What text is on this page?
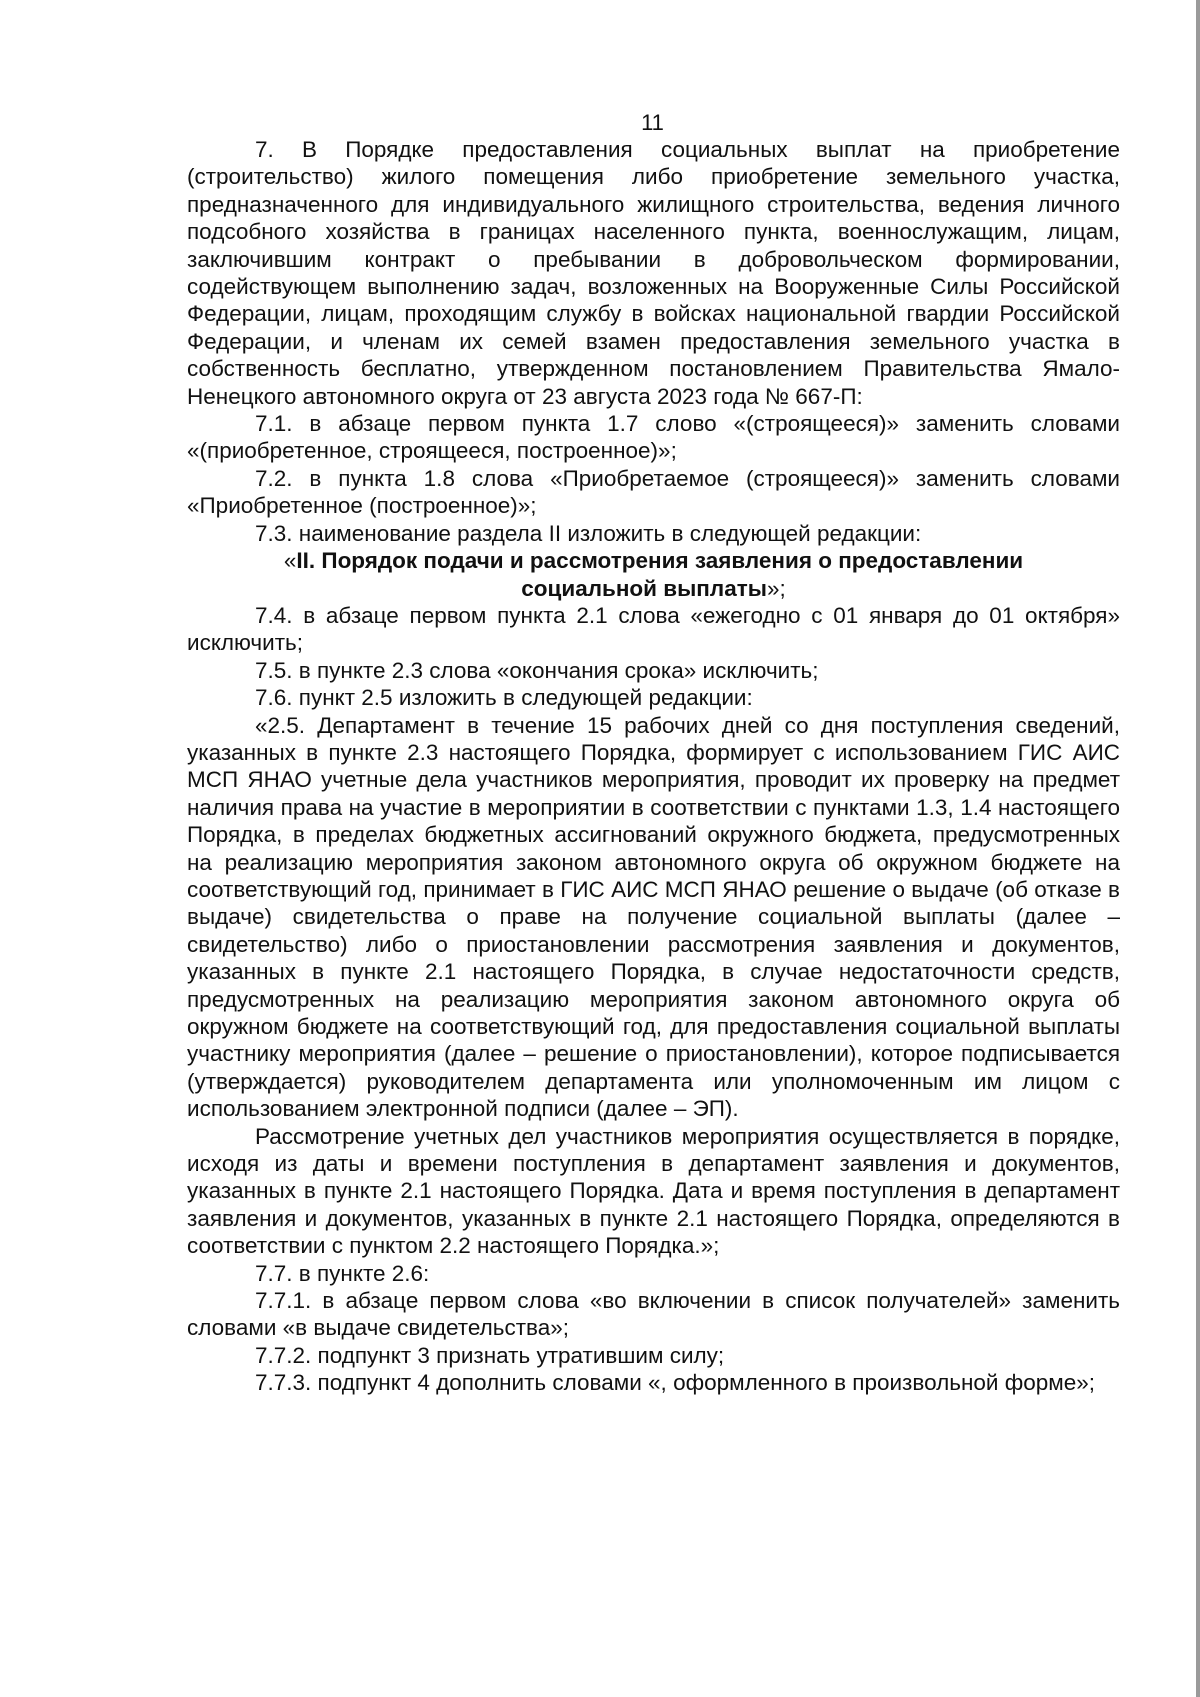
11

7. В Порядке предоставления социальных выплат на приобретение (строительство) жилого помещения либо приобретение земельного участка, предназначенного для индивидуального жилищного строительства, ведения личного подсобного хозяйства в границах населенного пункта, военнослужащим, лицам, заключившим контракт о пребывании в добровольческом формировании, содействующем выполнению задач, возложенных на Вооруженные Силы Российской Федерации, лицам, проходящим службу в войсках национальной гвардии Российской Федерации, и членам их семей взамен предоставления земельного участка в собственность бесплатно, утвержденном постановлением Правительства Ямало-Ненецкого автономного округа от 23 августа 2023 года № 667-П:

7.1. в абзаце первом пункта 1.7 слово «(строящееся)» заменить словами «(приобретенное, строящееся, построенное)»;

7.2. в пункта 1.8 слова «Приобретаемое (строящееся)» заменить словами «Приобретенное (построенное)»;

7.3. наименование раздела II изложить в следующей редакции:

«II. Порядок подачи и рассмотрения заявления о предоставлении социальной выплаты»;

7.4. в абзаце первом пункта 2.1 слова «ежегодно с 01 января до 01 октября» исключить;

7.5. в пункте 2.3 слова «окончания срока» исключить;

7.6. пункт 2.5 изложить в следующей редакции:

«2.5. Департамент в течение 15 рабочих дней со дня поступления сведений, указанных в пункте 2.3 настоящего Порядка, формирует с использованием ГИС АИС МСП ЯНАО учетные дела участников мероприятия, проводит их проверку на предмет наличия права на участие в мероприятии в соответствии с пунктами 1.3, 1.4 настоящего Порядка, в пределах бюджетных ассигнований окружного бюджета, предусмотренных на реализацию мероприятия законом автономного округа об окружном бюджете на соответствующий год, принимает в ГИС АИС МСП ЯНАО решение о выдаче (об отказе в выдаче) свидетельства о праве на получение социальной выплаты (далее – свидетельство) либо о приостановлении рассмотрения заявления и документов, указанных в пункте 2.1 настоящего Порядка, в случае недостаточности средств, предусмотренных на реализацию мероприятия законом автономного округа об окружном бюджете на соответствующий год, для предоставления социальной выплаты участнику мероприятия (далее – решение о приостановлении), которое подписывается (утверждается) руководителем департамента или уполномоченным им лицом с использованием электронной подписи (далее – ЭП).

Рассмотрение учетных дел участников мероприятия осуществляется в порядке, исходя из даты и времени поступления в департамент заявления и документов, указанных в пункте 2.1 настоящего Порядка. Дата и время поступления в департамент заявления и документов, указанных в пункте 2.1 настоящего Порядка, определяются в соответствии с пунктом 2.2 настоящего Порядка.»;

7.7. в пункте 2.6:

7.7.1. в абзаце первом слова «во включении в список получателей» заменить словами «в выдаче свидетельства»;

7.7.2. подпункт 3 признать утратившим силу;

7.7.3. подпункт 4 дополнить словами «, оформленного в произвольной форме»;
